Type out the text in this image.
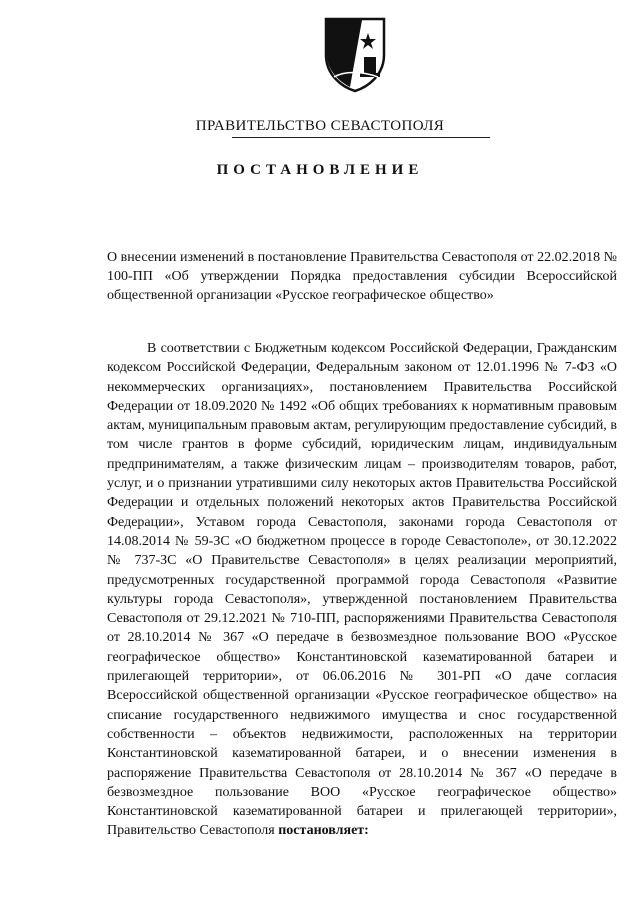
ПРАВИТЕЛЬСТВО СЕВАСТОПОЛЯ
ПОСТАНОВЛЕНИЕ
О внесении изменений в постановление Правительства Севастополя от 22.02.2018 № 100-ПП «Об утверждении Порядка предоставления субсидии Всероссийской общественной организации «Русское географическое общество»
В соответствии с Бюджетным кодексом Российской Федерации, Гражданским кодексом Российской Федерации, Федеральным законом от 12.01.1996 № 7-ФЗ «О некоммерческих организациях», постановлением Правительства Российской Федерации от 18.09.2020 № 1492 «Об общих требованиях к нормативным правовым актам, муниципальным правовым актам, регулирующим предоставление субсидий, в том числе грантов в форме субсидий, юридическим лицам, индивидуальным предпринимателям, а также физическим лицам – производителям товаров, работ, услуг, и о признании утратившими силу некоторых актов Правительства Российской Федерации и отдельных положений некоторых актов Правительства Российской Федерации», Уставом города Севастополя, законами города Севастополя от 14.08.2014 № 59-ЗС «О бюджетном процессе в городе Севастополе», от 30.12.2022 № 737-ЗС «О Правительстве Севастополя» в целях реализации мероприятий, предусмотренных государственной программой города Севастополя «Развитие культуры города Севастополя», утвержденной постановлением Правительства Севастополя от 29.12.2021 № 710-ПП, распоряжениями Правительства Севастополя от 28.10.2014 № 367 «О передаче в безвозмездное пользование ВОО «Русское географическое общество» Константиновской казематированной батареи и прилегающей территории», от 06.06.2016 № 301-РП «О даче согласия Всероссийской общественной организации «Русское географическое общество» на списание государственного недвижимого имущества и снос государственной собственности – объектов недвижимости, расположенных на территории Константиновской казематированной батареи, и о внесении изменения в распоряжение Правительства Севастополя от 28.10.2014 № 367 «О передаче в безвозмездное пользование ВОО «Русское географическое общество» Константиновской казематированной батареи и прилегающей территории», Правительство Севастополя постановляет:
